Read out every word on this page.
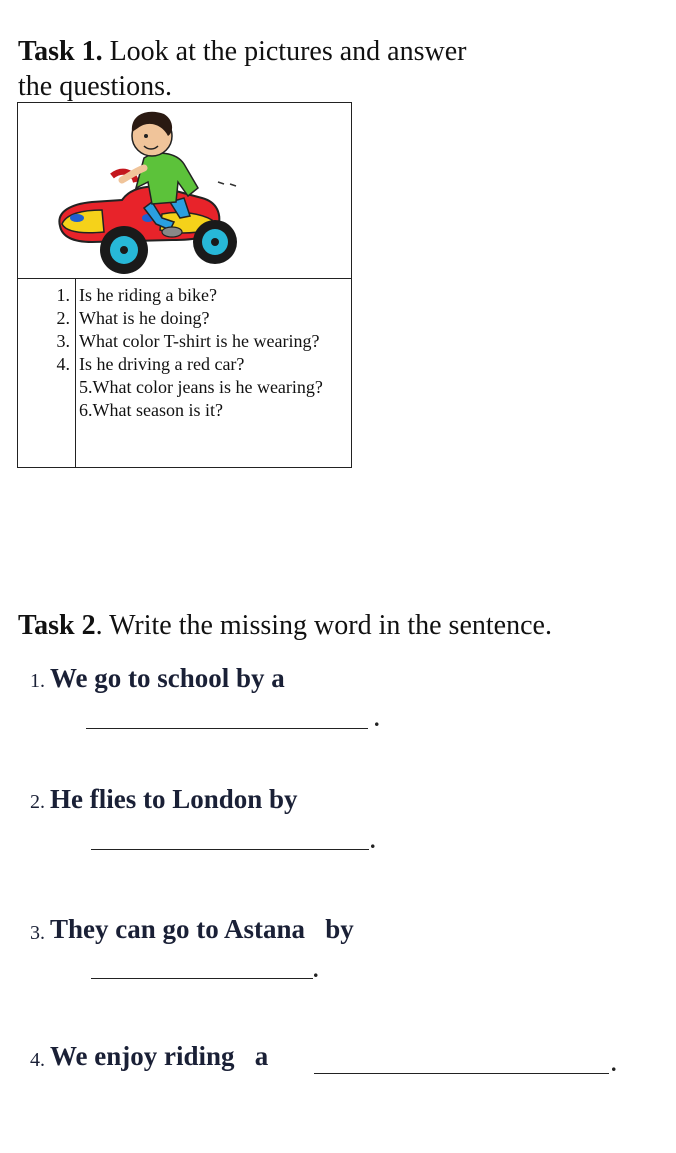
Task 1. Look at the pictures and answer
the questions.
1. Is he riding a bike?
2. What is he doing?
3. What color T-shirt is he wearing?
4. Is he driving a red car?
5.What color jeans is he wearing?
6.What season is it?
Task 2. Write the missing word in the sentence.
1. We go to school by a
.
2. He flies to London by
.
3. They can go to Astana   by
.
4. We enjoy riding   a	.
